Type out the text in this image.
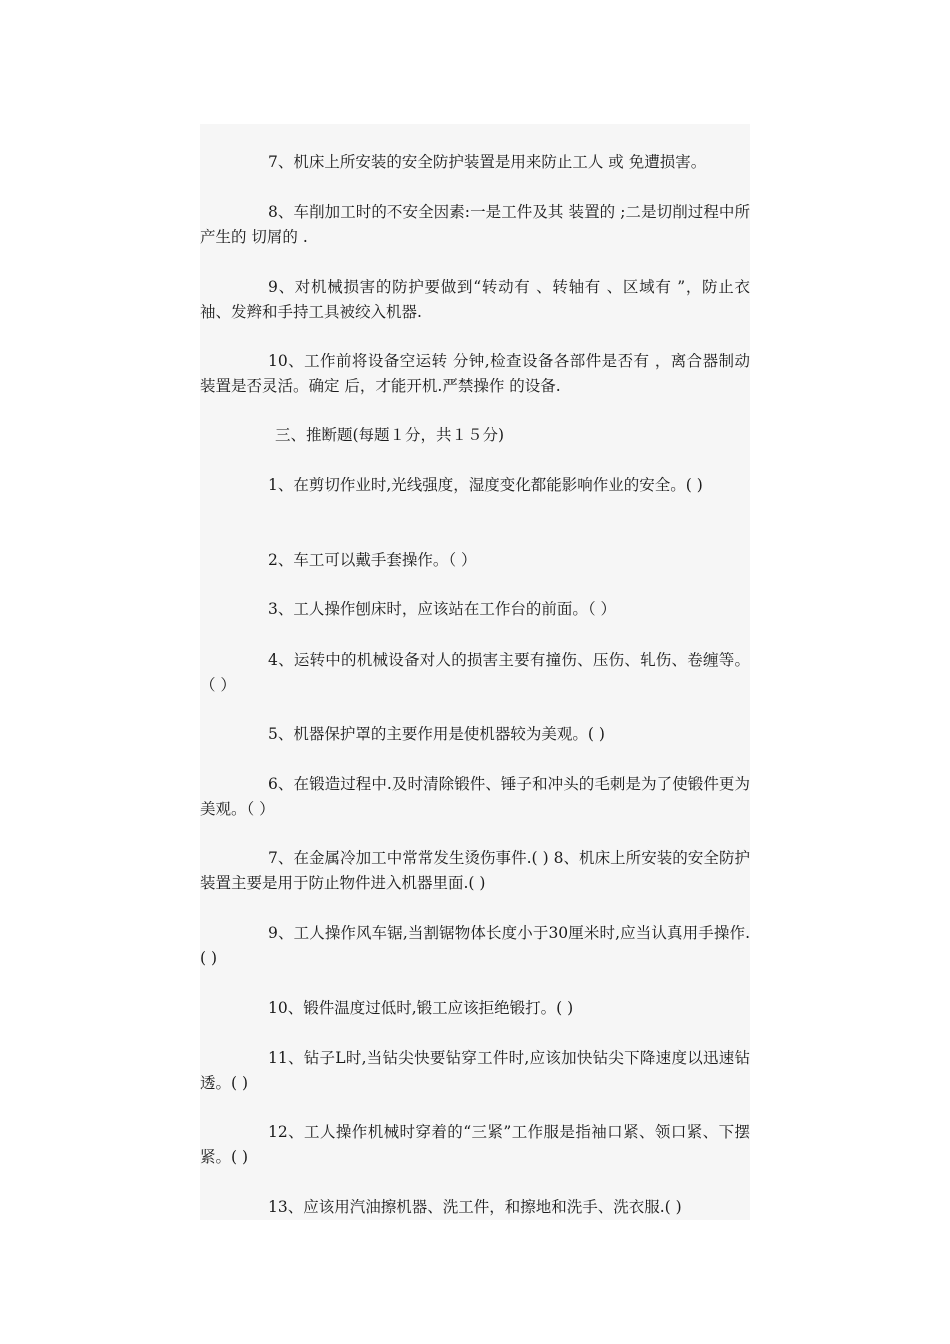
7、机床上所安装的安全防护装置是用来防止工人 或 免遭损害。

8、车削加工时的不安全因素:一是工件及其 装置的 ;二是切削过程中所产生的 切屑的 .

9、对机械损害的防护要做到“转动有 、转轴有 、区域有 ”，防止衣袖、发辫和手持工具被绞入机器.

10、工作前将设备空运转 分钟,检查设备各部件是否有 ，离合器制动装置是否灵活。确定 后，才能开机.严禁操作 的设备.

三、推断题(每题１分，共１５分)

1、在剪切作业时,光线强度，湿度变化都能影响作业的安全。( )

2、车工可以戴手套操作。（ ）

3、工人操作刨床时，应该站在工作台的前面。（ ）

4、运转中的机械设备对人的损害主要有撞伤、压伤、轧伤、卷缠等。（ ）

5、机器保护罩的主要作用是使机器较为美观。( )

6、在锻造过程中.及时清除锻件、锤子和冲头的毛刺是为了使锻件更为美观。（ ）

7、在金属冷加工中常常发生烫伤事件.( ) 8、机床上所安装的安全防护装置主要是用于防止物件进入机器里面.( )

9、工人操作风车锯,当割锯物体长度小于30厘米时,应当认真用手操作.( )

10、锻件温度过低时,锻工应该拒绝锻打。( )

11、钻子L时,当钻尖快要钻穿工件时,应该加快钻尖下降速度以迅速钻透。( )

12、工人操作机械时穿着的“三紧”工作服是指袖口紧、领口紧、下摆紧。( )

13、应该用汽油擦机器、洗工件，和擦地和洗手、洗衣服.( )
